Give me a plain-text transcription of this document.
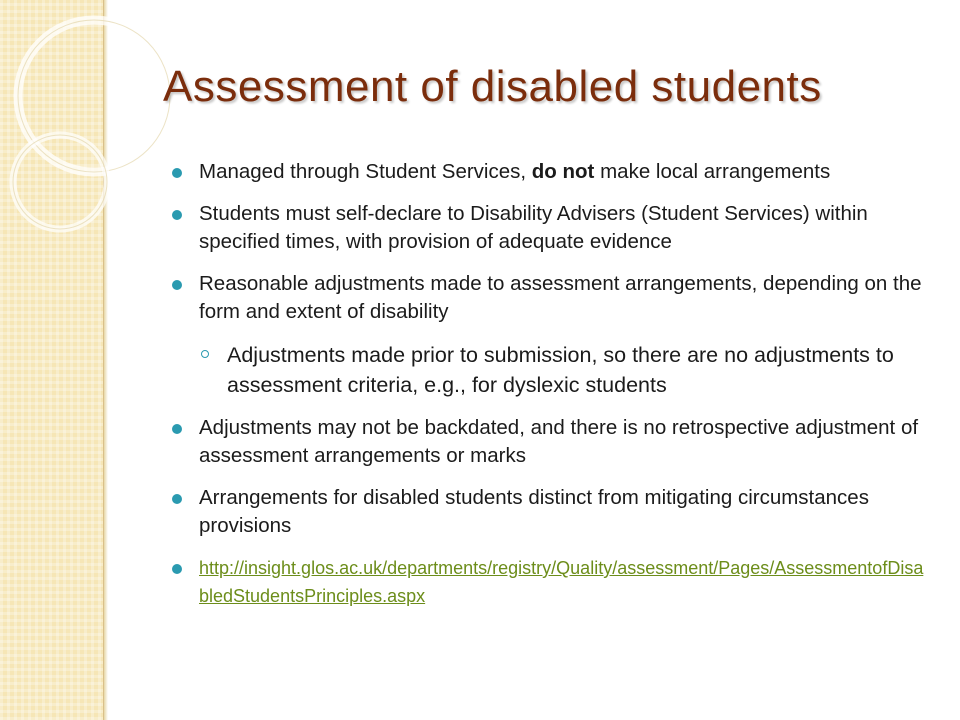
Assessment of disabled students
Managed through Student Services, do not make local arrangements
Students must self-declare to Disability Advisers (Student Services) within specified times, with provision of adequate evidence
Reasonable adjustments made to assessment arrangements, depending on the form and extent of disability
Adjustments made prior to submission, so there are no adjustments to assessment criteria, e.g., for dyslexic students
Adjustments may not be backdated, and there is no retrospective adjustment of assessment arrangements or marks
Arrangements for disabled students distinct from mitigating circumstances provisions
http://insight.glos.ac.uk/departments/registry/Quality/assessment/Pages/AssessmentofDisabledStudentsPrinciples.aspx
